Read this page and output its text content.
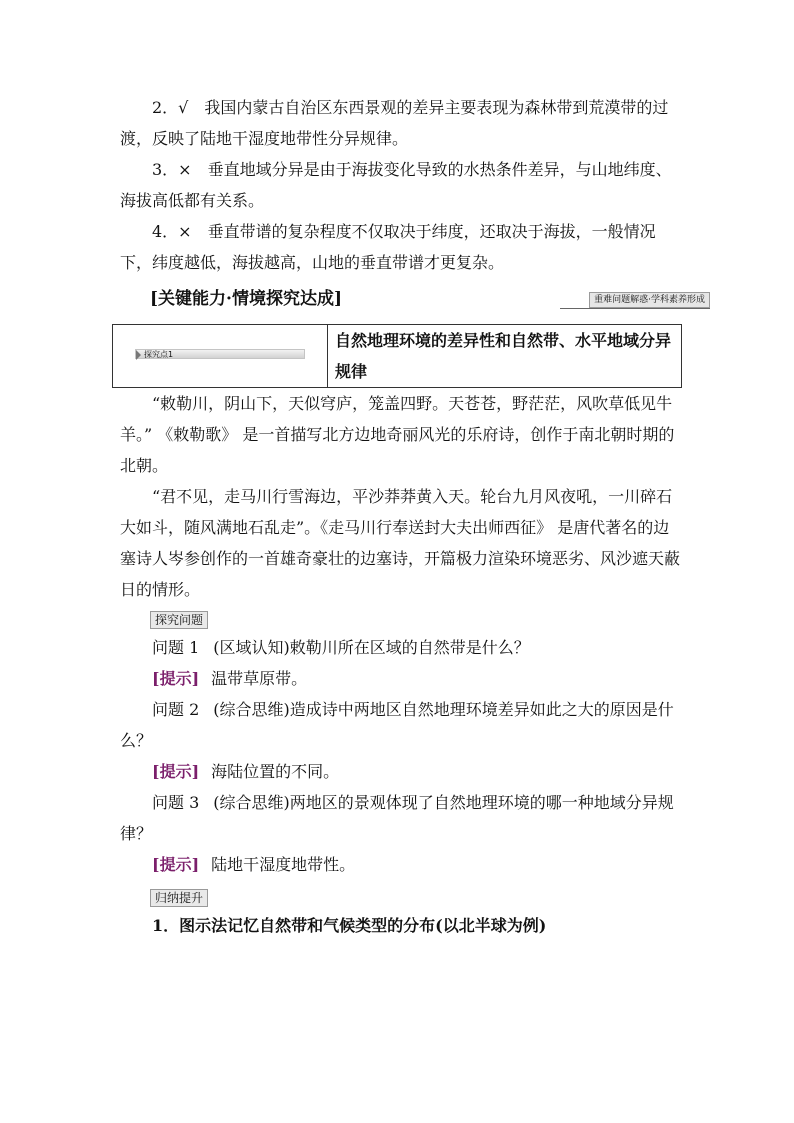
2．√　我国内蒙古自治区东西景观的差异主要表现为森林带到荒漠带的过渡，反映了陆地干湿度地带性分异规律。

3．×　垂直地域分异是由于海拔变化导致的水热条件差异，与山地纬度、海拔高低都有关系。

4．×　垂直带谱的复杂程度不仅取决于纬度，还取决于海拔，一般情况下，纬度越低，海拔越高，山地的垂直带谱才更复杂。

[关键能力·情境探究达成]	重难问题解惑·学科素养形成
探究点1
自然地理环境的差异性和自然带、水平地域分异规律

“敕勒川，阴山下，天似穹庐，笼盖四野。天苍苍，野茫茫，风吹草低见牛羊。” 《敕勒歌》 是一首描写北方边地奇丽风光的乐府诗，创作于南北朝时期的北朝。

“君不见，走马川行雪海边，平沙莽莽黄入天。轮台九月风夜吼，一川碎石大如斗，随风满地石乱走”。《走马川行奉送封大夫出师西征》 是唐代著名的边塞诗人岑参创作的一首雄奇豪壮的边塞诗，开篇极力渲染环境恶劣、风沙遮天蔽日的情形。

探究问题

问题 1 (区域认知)敕勒川所在区域的自然带是什么？

[提示] 温带草原带。

问题 2 (综合思维)造成诗中两地区自然地理环境差异如此之大的原因是什么？

[提示] 海陆位置的不同。

问题 3 (综合思维)两地区的景观体现了自然地理环境的哪一种地域分异规律？

[提示] 陆地干湿度地带性。

归纳提升

1．图示法记忆自然带和气候类型的分布(以北半球为例)
